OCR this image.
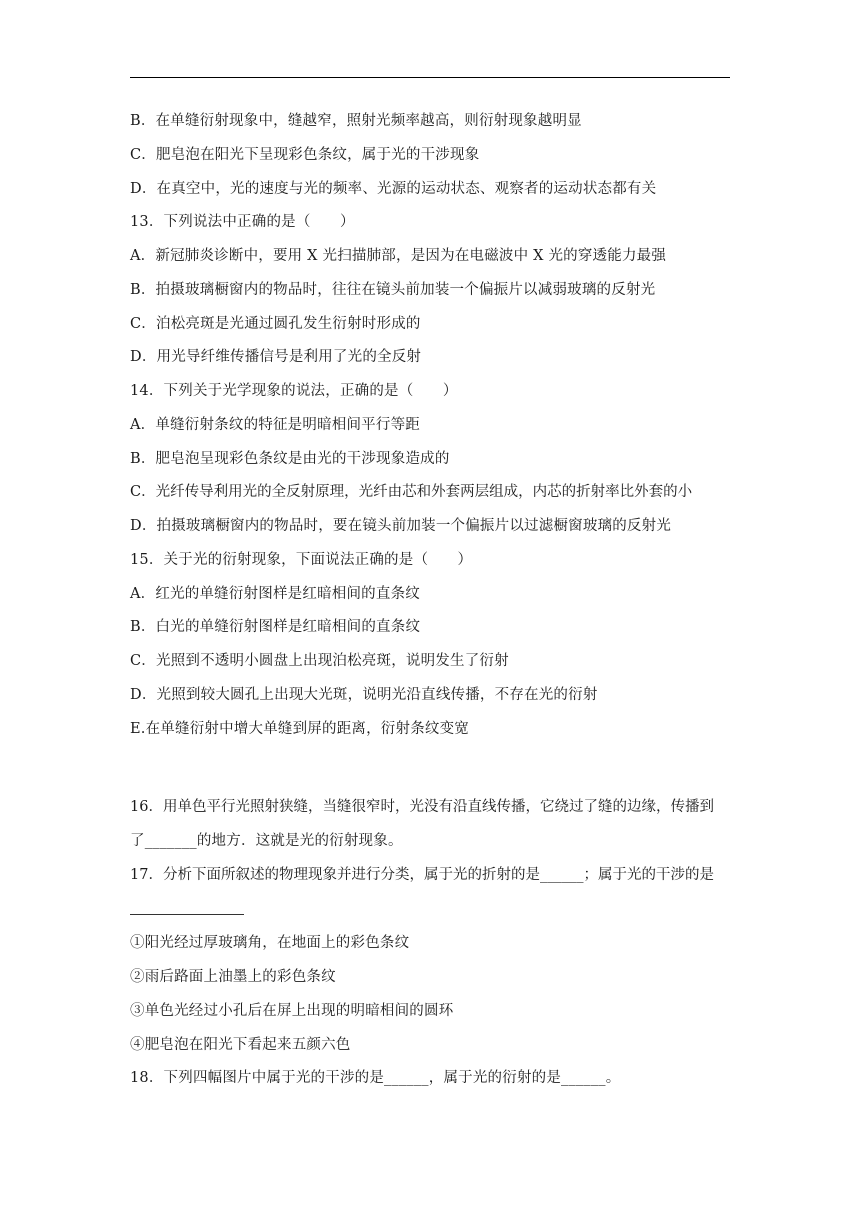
B．在单缝衍射现象中，缝越窄，照射光频率越高，则衍射现象越明显
C．肥皂泡在阳光下呈现彩色条纹，属于光的干涉现象
D．在真空中，光的速度与光的频率、光源的运动状态、观察者的运动状态都有关
13．下列说法中正确的是（　　）
A．新冠肺炎诊断中，要用 X 光扫描肺部，是因为在电磁波中 X 光的穿透能力最强
B．拍摄玻璃橱窗内的物品时，往往在镜头前加装一个偏振片以减弱玻璃的反射光
C．泊松亮斑是光通过圆孔发生衍射时形成的
D．用光导纤维传播信号是利用了光的全反射
14．下列关于光学现象的说法，正确的是（　　）
A．单缝衍射条纹的特征是明暗相间平行等距
B．肥皂泡呈现彩色条纹是由光的干涉现象造成的
C．光纤传导利用光的全反射原理，光纤由芯和外套两层组成，内芯的折射率比外套的小
D．拍摄玻璃橱窗内的物品时，要在镜头前加装一个偏振片以过滤橱窗玻璃的反射光
15．关于光的衍射现象，下面说法正确的是（　　）
A．红光的单缝衍射图样是红暗相间的直条纹
B．白光的单缝衍射图样是红暗相间的直条纹
C．光照到不透明小圆盘上出现泊松亮斑，说明发生了衍射
D．光照到较大圆孔上出现大光斑，说明光沿直线传播，不存在光的衍射
E.在单缝衍射中增大单缝到屏的距离，衍射条纹变宽
16．用单色平行光照射狭缝，当缝很窄时，光没有沿直线传播，它绕过了缝的边缘，传播到
了_______的地方．这就是光的衍射现象。
17．分析下面所叙述的物理现象并进行分类，属于光的折射的是______；属于光的干涉的是
①阳光经过厚玻璃角，在地面上的彩色条纹
②雨后路面上油墨上的彩色条纹
③单色光经过小孔后在屏上出现的明暗相间的圆环
④肥皂泡在阳光下看起来五颜六色
18．下列四幅图片中属于光的干涉的是______，属于光的衍射的是______。
